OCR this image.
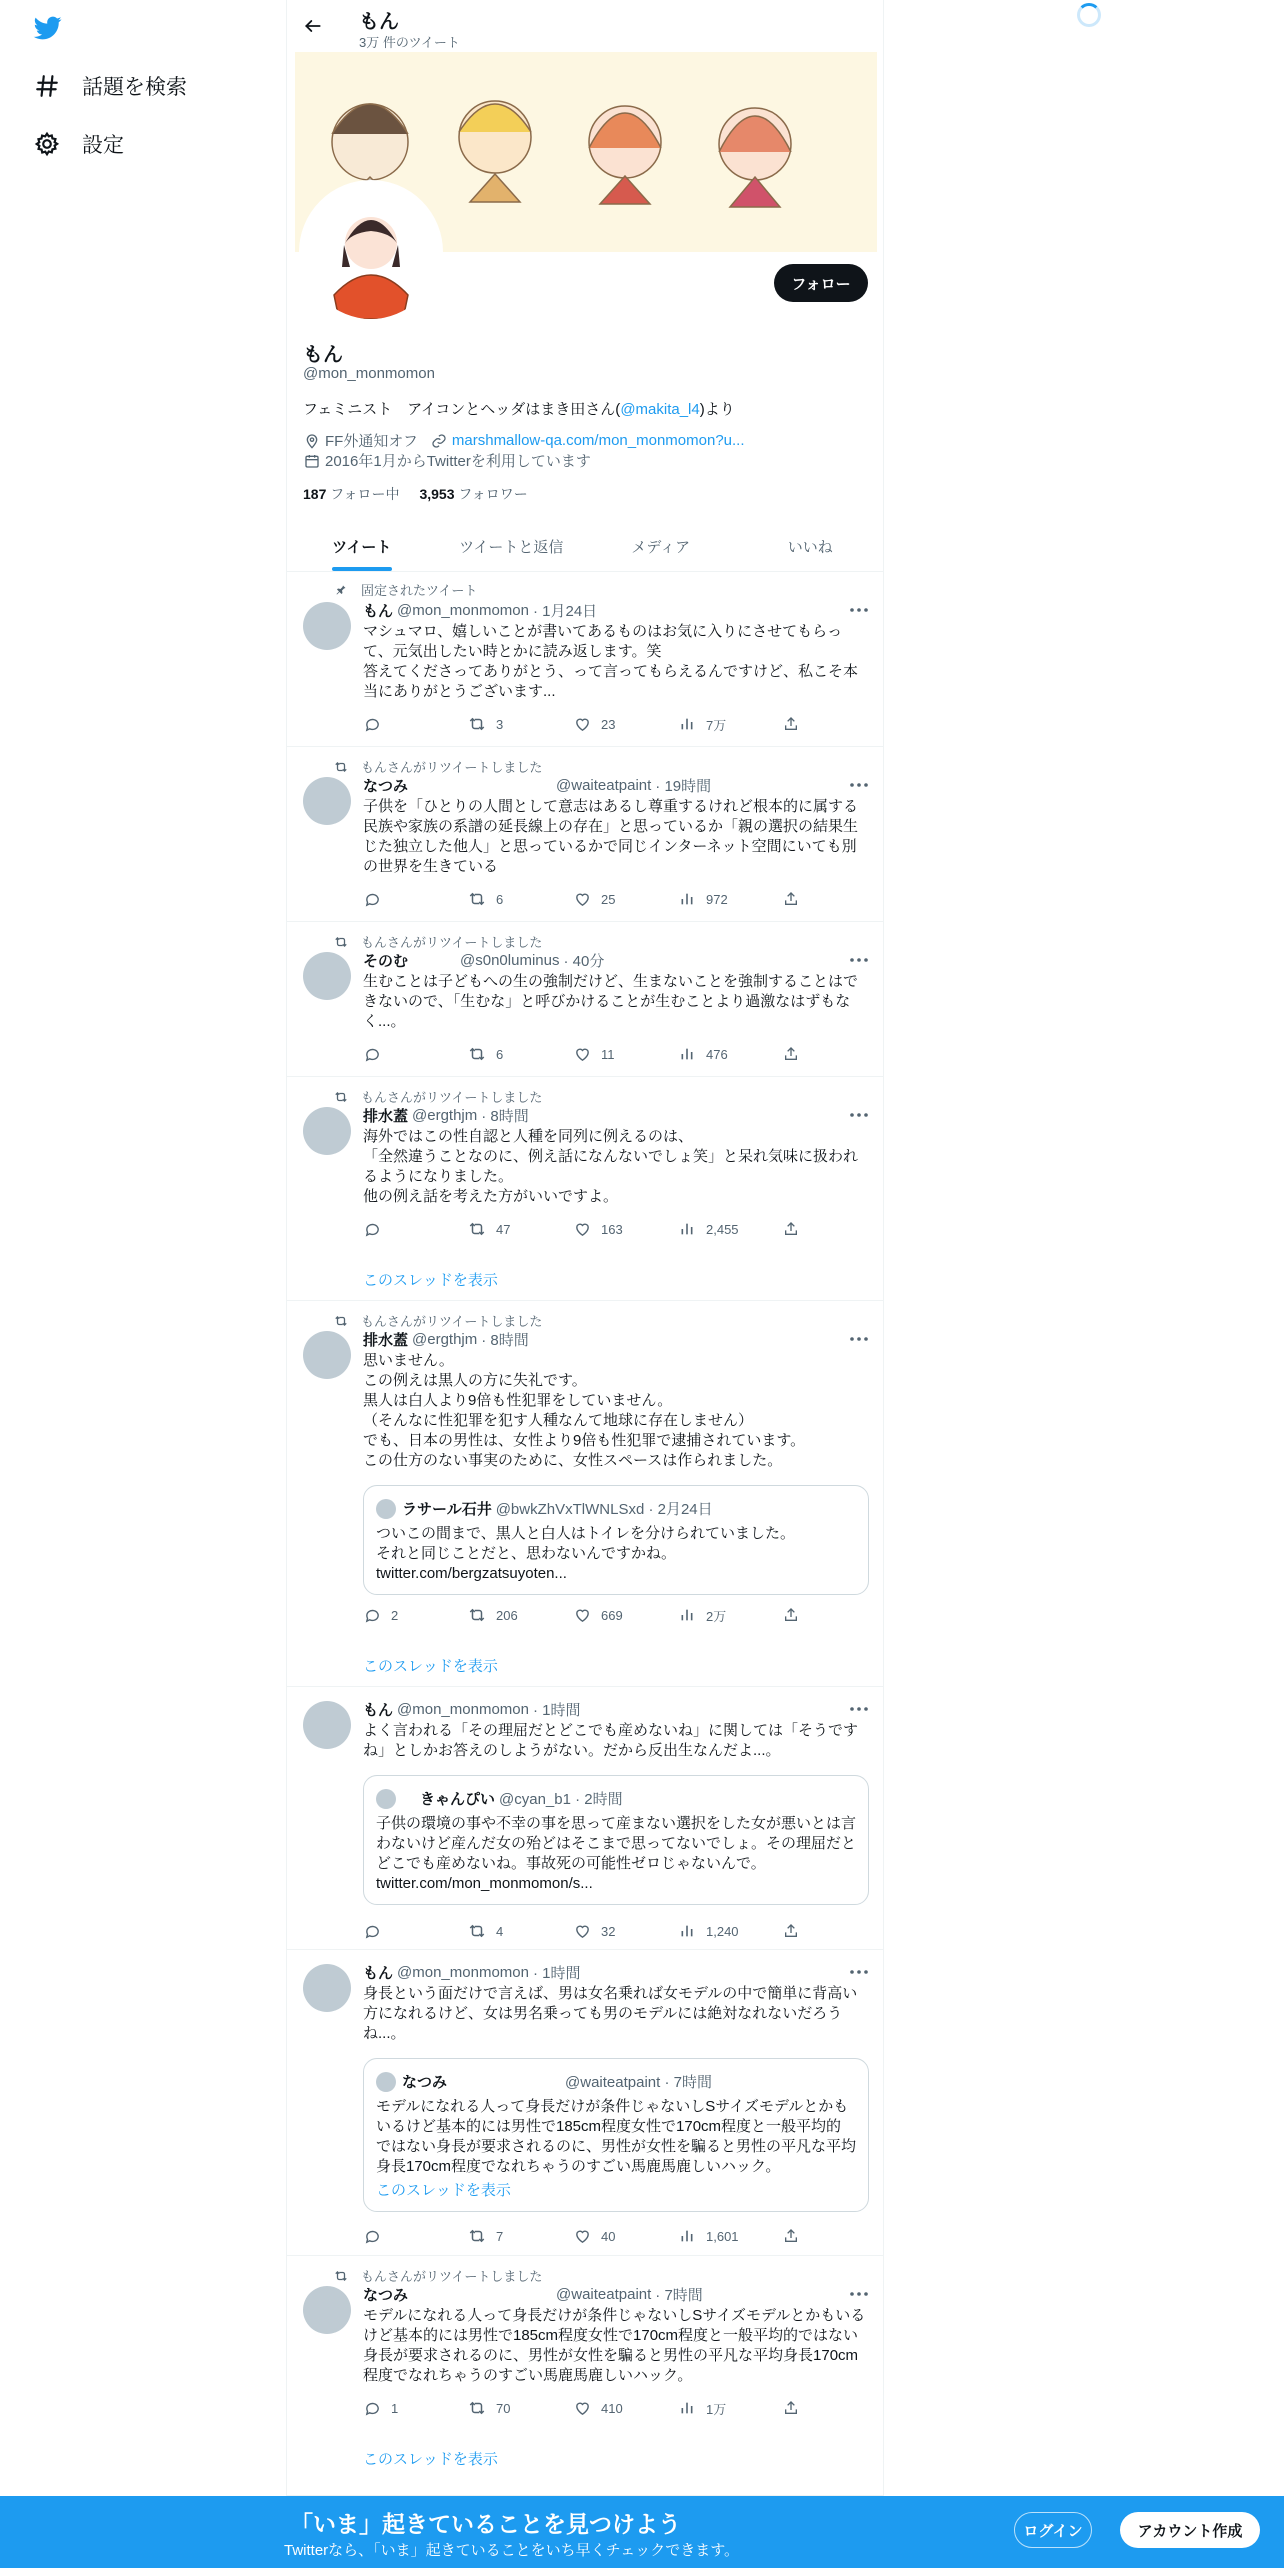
話題を検索
設定
もん
3万 件のツイート
フォロー
もん
@mon_monmomon
フェミニスト　アイコンとヘッダはまき田さん(@makita_l4)より
FF外通知オフ marshmallow-qa.com/mon_monmomon?u...
2016年1月からTwitterを利用しています
187 フォロー中 3,953 フォロワー
ツイート	ツイートと返信	メディア	いいね
固定されたツイート
もん @mon_monmomon · 1月24日
マシュマロ、嬉しいことが書いてあるものはお気に入りにさせてもらって、元気出したい時とかに読み返します。笑
答えてくださってありがとう、って言ってもらえるんですけど、私こそ本当にありがとうございます...
3	23	7万
もんさんがリツイートしました
なつみ	@waiteatpaint · 19時間
子供を「ひとりの人間として意志はあるし尊重するけれど根本的に属する民族や家族の系譜の延長線上の存在」と思っているか「親の選択の結果生じた独立した他人」と思っているかで同じインターネット空間にいても別の世界を生きている
6	25	972
もんさんがリツイートしました
そのむ	@s0n0luminus · 40分
生むことは子どもへの生の強制だけど、生まないことを強制することはできないので、「生むな」と呼びかけることが生むことより過激なはずもなく...。
6	11	476
もんさんがリツイートしました
排水蓋 @ergthjm · 8時間
海外ではこの性自認と人種を同列に例えるのは、
「全然違うことなのに、例え話になんないでしょ笑」と呆れ気味に扱われるようになりました。
他の例え話を考えた方がいいですよ。
47	163	2,455
このスレッドを表示
もんさんがリツイートしました
排水蓋 @ergthjm · 8時間
思いません。
この例えは黒人の方に失礼です。
黒人は白人より9倍も性犯罪をしていません。
（そんなに性犯罪を犯す人種なんて地球に存在しません）
でも、日本の男性は、女性より9倍も性犯罪で逮捕されています。
この仕方のない事実のために、女性スペースは作られました。
ラサール石井 @bwkZhVxTlWNLSxd · 2月24日
ついこの間まで、黒人と白人はトイレを分けられていました。
それと同じことだと、思わないんですかね。
twitter.com/bergzatsuyoten...
2	206	669	2万
このスレッドを表示
もん @mon_monmomon · 1時間
よく言われる「その理屈だとどこでも産めないね」に関しては「そうですね」としかお答えのしようがない。だから反出生なんだよ...。
きゃんぴい @cyan_b1 · 2時間
子供の環境の事や不幸の事を思って産まない選択をした女が悪いとは言わないけど産んだ女の殆どはそこまで思ってないでしょ。その理屈だとどこでも産めないね。事故死の可能性ゼロじゃないんで。
twitter.com/mon_monmomon/s...
4	32	1,240
もん @mon_monmomon · 1時間
身長という面だけで言えば、男は女名乗れば女モデルの中で簡単に背高い方になれるけど、女は男名乗っても男のモデルには絶対なれないだろうね...。
なつみ	@waiteatpaint · 7時間
モデルになれる人って身長だけが条件じゃないしSサイズモデルとかもいるけど基本的には男性で185cm程度女性で170cm程度と一般平均的ではない身長が要求されるのに、男性が女性を騙ると男性の平凡な平均身長170cm程度でなれちゃうのすごい馬鹿馬鹿しいハック。
このスレッドを表示
7	40	1,601
もんさんがリツイートしました
なつみ	@waiteatpaint · 7時間
モデルになれる人って身長だけが条件じゃないしSサイズモデルとかもいるけど基本的には男性で185cm程度女性で170cm程度と一般平均的ではない身長が要求されるのに、男性が女性を騙ると男性の平凡な平均身長170cm程度でなれちゃうのすごい馬鹿馬鹿しいハック。
1	70	410	1万
このスレッドを表示
「いま」起きていることを見つけよう
Twitterなら、「いま」起きていることをいち早くチェックできます。
ログイン	アカウント作成
